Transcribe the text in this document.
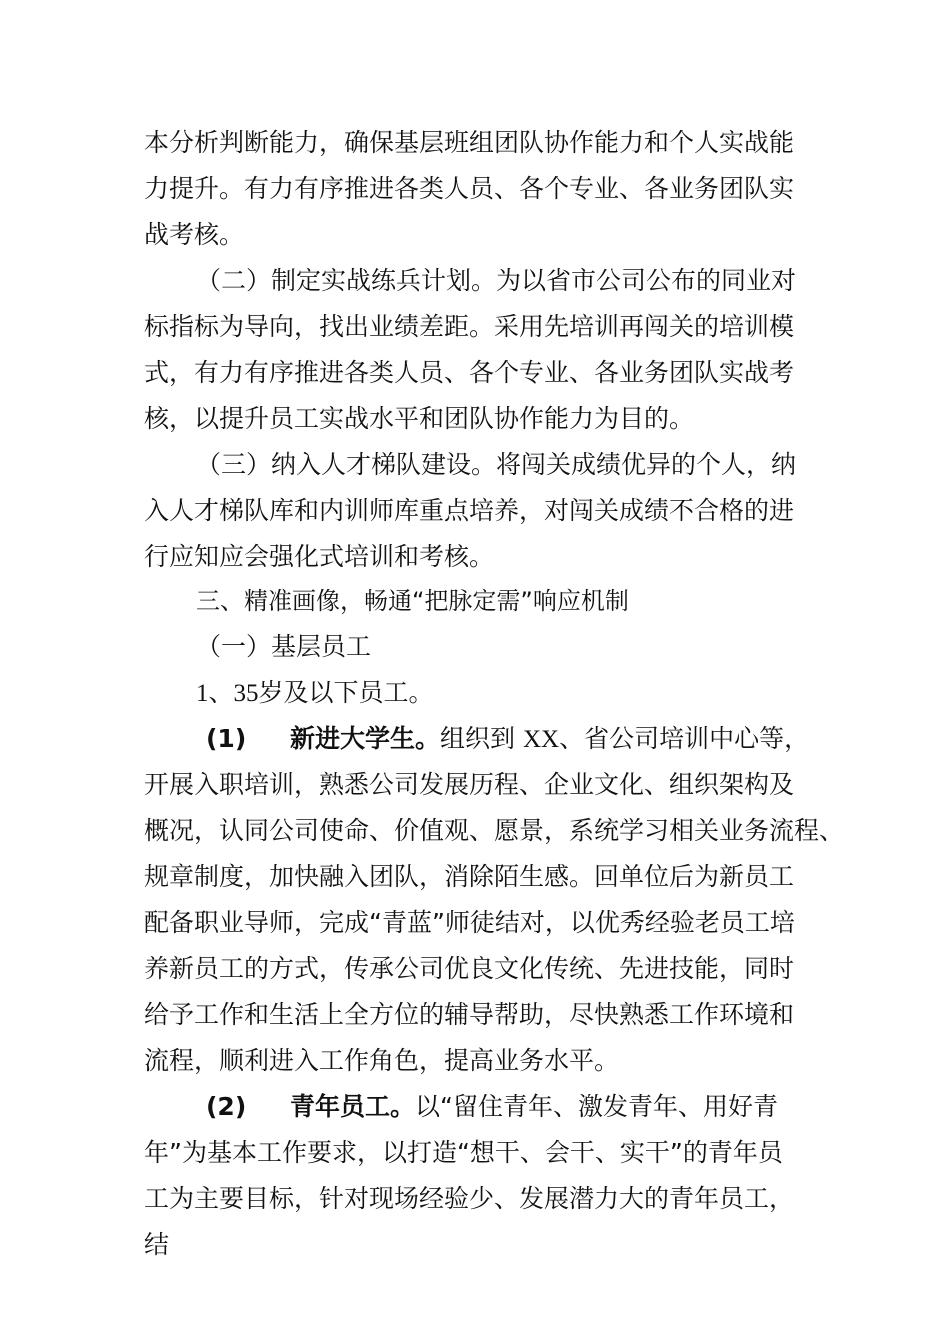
本分析判断能力，确保基层班组团队协作能力和个人实战能
力提升。有力有序推进各类人员、各个专业、各业务团队实
战考核。
（二）制定实战练兵计划。为以省市公司公布的同业对
标指标为导向，找出业绩差距。采用先培训再闯关的培训模
式，有力有序推进各类人员、各个专业、各业务团队实战考
核，以提升员工实战水平和团队协作能力为目的。
（三）纳入人才梯队建设。将闯关成绩优异的个人，纳
入人才梯队库和内训师库重点培养，对闯关成绩不合格的进
行应知应会强化式培训和考核。
三、精准画像，畅通“把脉定需”响应机制
（一）基层员工
1、35岁及以下员工。
(1) 新进大学生。组织到 XX、省公司培训中心等，
开展入职培训，熟悉公司发展历程、企业文化、组织架构及
概况，认同公司使命、价值观、愿景，系统学习相关业务流程、
规章制度，加快融入团队，消除陌生感。回单位后为新员工
配备职业导师，完成“青蓝”师徒结对，以优秀经验老员工培
养新员工的方式，传承公司优良文化传统、先进技能，同时
给予工作和生活上全方位的辅导帮助，尽快熟悉工作环境和
流程，顺利进入工作角色，提高业务水平。
(2) 青年员工。以“留住青年、激发青年、用好青
年”为基本工作要求，以打造“想干、会干、实干”的青年员
工为主要目标，针对现场经验少、发展潜力大的青年员工，
结
